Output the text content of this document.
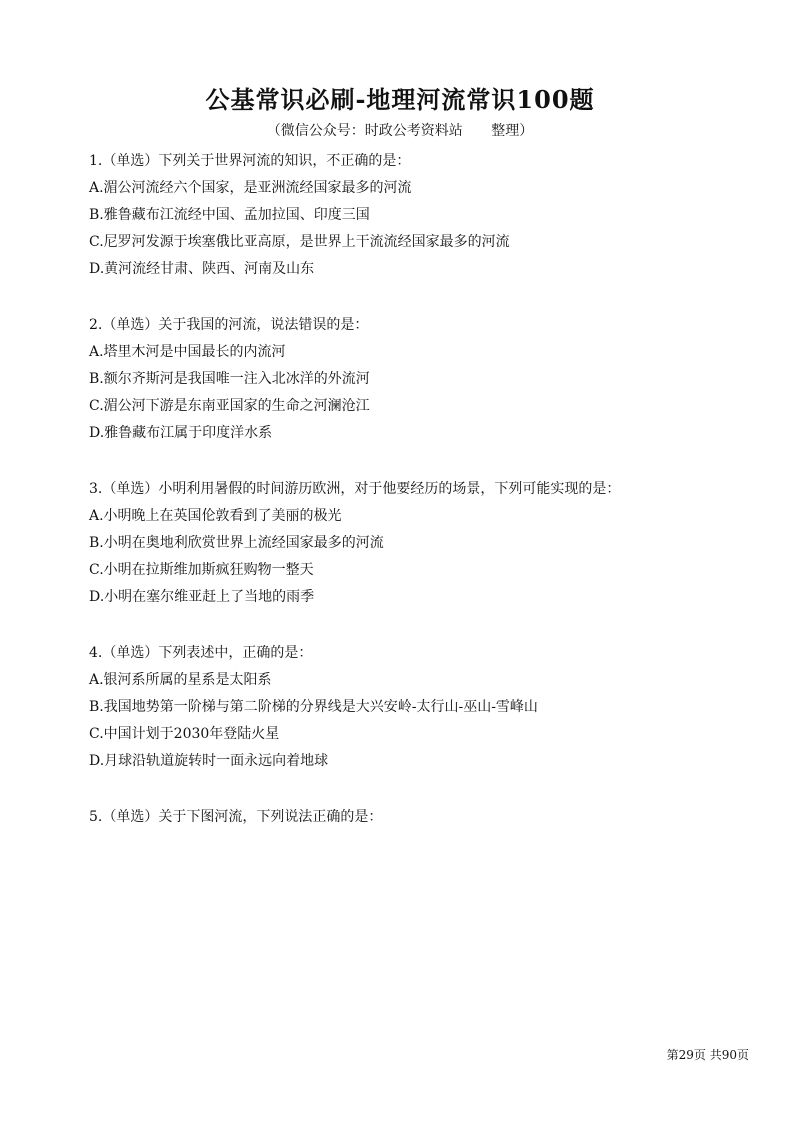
公基常识必刷-地理河流常识100题
（微信公众号：时政公考资料站　 整理）
1.（单选）下列关于世界河流的知识，不正确的是：
A.湄公河流经六个国家，是亚洲流经国家最多的河流
B.雅鲁藏布江流经中国、孟加拉国、印度三国
C.尼罗河发源于埃塞俄比亚高原，是世界上干流流经国家最多的河流
D.黄河流经甘肃、陕西、河南及山东
2.（单选）关于我国的河流，说法错误的是：
A.塔里木河是中国最长的内流河
B.额尔齐斯河是我国唯一注入北冰洋的外流河
C.湄公河下游是东南亚国家的生命之河澜沧江
D.雅鲁藏布江属于印度洋水系
3.（单选）小明利用暑假的时间游历欧洲，对于他要经历的场景，下列可能实现的是：
A.小明晚上在英国伦敦看到了美丽的极光
B.小明在奥地利欣赏世界上流经国家最多的河流
C.小明在拉斯维加斯疯狂购物一整天
D.小明在塞尔维亚赶上了当地的雨季
4.（单选）下列表述中，正确的是：
A.银河系所属的星系是太阳系
B.我国地势第一阶梯与第二阶梯的分界线是大兴安岭-太行山-巫山-雪峰山
C.中国计划于2030年登陆火星
D.月球沿轨道旋转时一面永远向着地球
5.（单选）关于下图河流，下列说法正确的是：
第29页 共90页
